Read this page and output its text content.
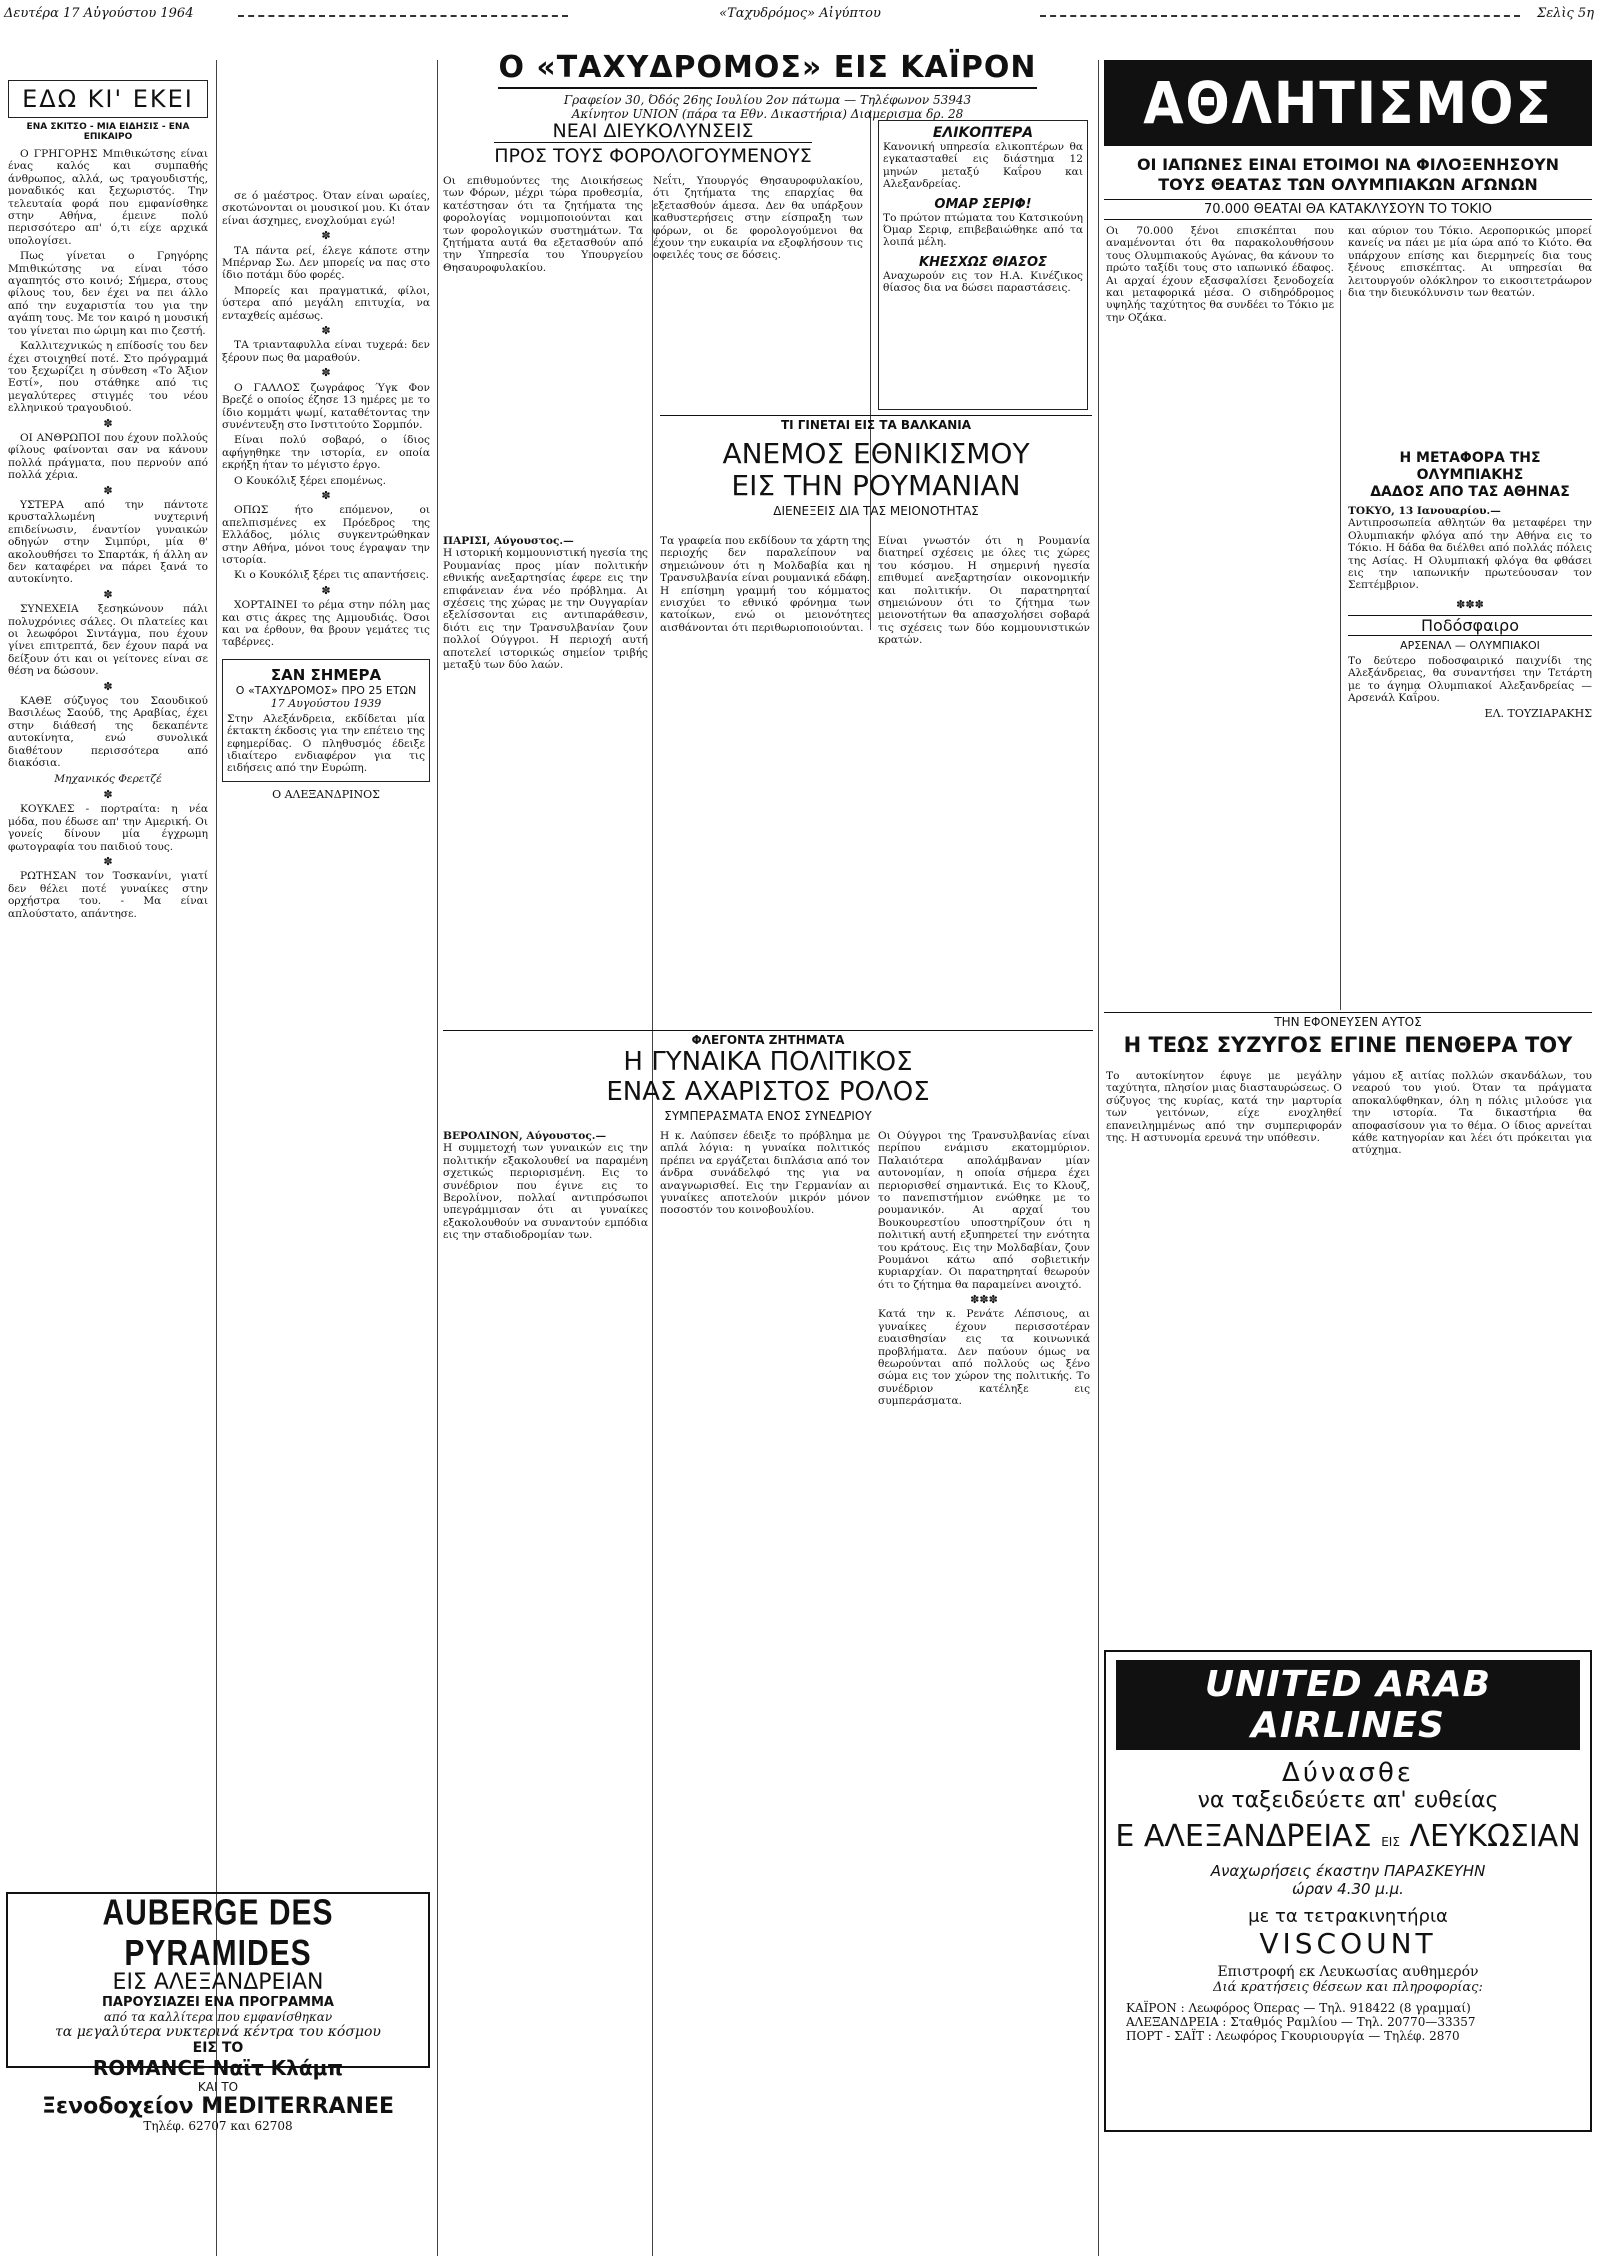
Δευτέρα 17 Αὐγούστου 1964	«Ταχυδρόμος» Αἰγύπτου	Σελὶς 5η
ΕΔΩ ΚΙ' ΕΚΕΙ
ΕΝΑ ΣΚΙΤΣΟ - ΜΙΑ ΕΙΔΗΣΙΣ - ΕΝΑ ΕΠΙΚΑΙΡΟ

Ο ΓΡΗΓΟΡΗΣ Μπιθικώτσης είναι ένας καλός και συμπαθής άνθρωπος, αλλά, ως τραγουδιστής, μοναδικός και ξεχωριστός. Την τελευταία φορά που εμφανίσθηκε στην Αθήνα, έμεινε πολύ περισσότερο απ' ό,τι είχε αρχικά υπολογίσει.

Πως γίνεται ο Γρηγόρης Μπιθικώτσης να είναι τόσο αγαπητός στο κοινό; Σήμερα, στους φίλους του, δεν έχει να πει άλλο από την ευχαριστία του για την αγάπη τους. Με τον καιρό η μουσική του γίνεται πιο ώριμη και πιο ζεστή.

Καλλιτεχνικώς η επίδοσίς του δεν έχει στοιχηθεί ποτέ. Στο πρόγραμμά του ξεχωρίζει η σύνθεση «Το Άξιον Εστί», που στάθηκε από τις μεγαλύτερες στιγμές του νέου ελληνικού τραγουδιού.

✽

ΟΙ ΑΝΘΡΩΠΟΙ που έχουν πολλούς φίλους φαίνονται σαν να κάνουν πολλά πράγματα, που περνούν από πολλά χέρια.

✽

ΥΣΤΕΡΑ από την πάντοτε κρυσταλλωμένη νυχτερινή επιδείνωσιν, έναντίον γυναικών οδηγών στην Σιμπύρι, μία θ' ακολουθήσει το Σπαρτάκ, ή άλλη αν δεν καταφέρει να πάρει ξανά το αυτοκίνητο.

✽

ΣΥΝΕΧΕΙΑ ξεσηκώνουν πάλι πολυχρόνιες σάλες. Οι πλατείες και οι λεωφόροι Σιντάγμα, που έχουν γίνει επιτρεπτά, δεν έχουν παρά να δείξουν ότι και οι γείτονες είναι σε θέση να δώσουν.

✽

ΚΑΘΕ σύζυγος του Σαουδικού Βασιλέως Σαούδ, της Αραβίας, έχει στην διάθεσή της δεκαπέντε αυτοκίνητα, ενώ συνολικά διαθέτουν περισσότερα από διακόσια.

Μηχανικός Φερετζέ
✽

ΚΟΥΚΛΕΣ - πορτραίτα: η νέα μόδα, που έδωσε απ' την Αμερική. Οι γονείς δίνουν μία έγχρωμη φωτογραφία του παιδιού τους.

✽

ΡΩΤΗΣΑΝ τον Τοσκανίνι, γιατί δεν θέλει ποτέ γυναίκες στην ορχήστρα του. - Μα είναι απλούστατο, απάντησε.

AUBERGE DES PYRAMIDES
ΕΙΣ ΑΛΕΞΑΝΔΡΕΙΑΝ
ΠΑΡΟΥΣΙΑΖΕΙ ΕΝΑ ΠΡΟΓΡΑΜΜΑ
από τα καλλίτερα που εμφανίσθηκαν
τα μεγαλύτερα νυκτερινά κέντρα του κόσμου
ΕΙΣ ΤΟ
ROMANCE Ναϊτ Κλάμπ
ΚΑΙ ΤΟ
Ξενοδοχείον MEDITERRANEE
Τηλέφ. 62707 και 62708

σε ό μαέστρος. Όταν είναι ωραίες, σκοτώνονται οι μουσικοί μου. Κι όταν είναι άσχημες, ενοχλούμαι εγώ!

✽

ΤΑ πάντα ρεί, έλεγε κάποτε στην Μπέρναρ Σω. Δεν μπορείς να πας στο ίδιο ποτάμι δύο φορές.

Μπορείς και πραγματικά, φίλοι, ύστερα από μεγάλη επιτυχία, να ενταχθείς αμέσως.

✽

ΤΑ τριανταφυλλα είναι τυχερά: δεν ξέρουν πως θα μαραθούν.

✽

Ο ΓΑΛΛΟΣ ζωγράφος Ύγκ Φον Βρεζέ ο οποίος έζησε 13 ημέρες με το ίδιο κομμάτι ψωμί, καταθέτοντας την συνέντευξη στο Ινστιτούτο Σορμπόν.

Είναι πολύ σοβαρό, ο ίδιος αφήγηθηκε την ιστορία, εν οποία εκρήξη ήταν το μέγιστο έργο.

Ο Κουκόλιξ ξέρει επομένως.

✽

ΟΠΩΣ ήτο επόμενον, οι απελπισμένες ex Πρόεδρος της Ελλάδος, μόλις συγκεντρώθηκαν στην Αθήνα, μόνοι τους έγραψαν την ιστορία.

Κι ο Κουκόλιξ ξέρει τις απαντήσεις.

✽

ΧΟΡΤΑΙΝΕΙ το ρέμα στην πόλη μας και στις άκρες της Αμμουδιάς. Όσοι και να έρθουν, θα βρουν γεμάτες τις ταβέρνες.

ΣΑΝ ΣΗΜΕΡΑ
Ο «ΤΑΧΥΔΡΟΜΟΣ» ΠΡΟ 25 ΕΤΩΝ
17 Αυγούστου 1939
Στην Αλεξάνδρεια, εκδίδεται μία έκτακτη έκδοσις για την επέτειο της εφημερίδας. Ο πληθυσμός έδειξε ιδιαίτερο ενδιαφέρον για τις ειδήσεις από την Ευρώπη.
Ο ΑΛΕΞΑΝΔΡΙΝΟΣ
Ο «ΤΑΧΥΔΡΟΜΟΣ» ΕΙΣ ΚΑΪΡΟΝ
Γραφείον 30, Όδός 26ης Ιουλίου 2ον πάτωμα — Τηλέφωνον 53943
Ακίνητον UNION (πάρα τα Εθν. Δικαστήρια) Διαμερισμα δρ. 28
ΝΕΑΙ ΔΙΕΥΚΟΛΥΝΣΕΙΣ
ΠΡΟΣ ΤΟΥΣ ΦΟΡΟΛΟΓΟΥΜΕΝΟΥΣ
Οι επιθυμούντες της Διοικήσεως των Φόρων, μέχρι τώρα προθεσμία, κατέστησαν ότι τα ζητήματα της φορολογίας νομιμοποιούνται και των φορολογικών συστημάτων. Τα ζητήματα αυτά θα εξετασθούν από την Υπηρεσία του Υπουργείου Θησαυροφυλακίου.
Νεΐτι, Υπουργός Θησαυροφυλακίου, ότι ζητήματα της επαρχίας θα εξετασθούν άμεσα. Δεν θα υπάρξουν καθυστερήσεις στην είσπραξη των φόρων, οι δε φορολογούμενοι θα έχουν την ευκαιρία να εξοφλήσουν τις οφειλές τους σε δόσεις.
ΕΛΙΚΟΠΤΕΡΑ
Κανονική υπηρεσία ελικοπτέρων θα εγκατασταθεί εις διάστημα 12 μηνών μεταξύ Καΐρου και Αλεξανδρείας.
ΟΜΑΡ ΣΕΡΙΦ!
Το πρώτον πτώματα του Κατσικούνη Όμαρ Σεριφ, επιβεβαιώθηκε από τα λοιπά μέλη.
ΚΗΕΣΧΩΣ ΘΙΑΣΟΣ
Αναχωρούν εις τον Η.Α. Κινέζικος θίασος δια να δώσει παραστάσεις.
ΤΙ ΓΙΝΕΤΑΙ ΕΙΣ ΤΑ ΒΑΛΚΑΝΙΑ
ΑΝΕΜΟΣ ΕΘΝΙΚΙΣΜΟΥ
ΕΙΣ ΤΗΝ ΡΟΥΜΑΝΙΑΝ
ΔΙΕΝΕΞΕΙΣ ΔΙΑ ΤΑΣ ΜΕΙΟΝΟΤΗΤΑΣ
ΠΑΡΙΣΙ, Αύγουστος.—
Η ιστορική κομμουνιστική ηγεσία της Ρουμανίας προς μίαν πολιτικήν εθνικής ανεξαρτησίας έφερε εις την επιφάνειαν ένα νέο πρόβλημα. Αι σχέσεις της χώρας με την Ουγγαρίαν εξελίσσονται εις αντιπαράθεσιν, διότι εις την Τρανσυλβανίαν ζουν πολλοί Ούγγροι. Η περιοχή αυτή αποτελεί ιστορικώς σημείον τριβής μεταξύ των δύο λαών.
Τα γραφεία που εκδίδουν τα χάρτη της περιοχής δεν παραλείπουν να σημειώνουν ότι η Μολδαβία και η Τρανσυλβανία είναι ρουμανικά εδάφη. Η επίσημη γραμμή του κόμματος ενισχύει το εθνικό φρόνημα των κατοίκων, ενώ οι μειονότητες αισθάνονται ότι περιθωριοποιούνται.
Είναι γνωστόν ότι η Ρουμανία διατηρεί σχέσεις με όλες τις χώρες του κόσμου. Η σημερινή ηγεσία επιθυμεί ανεξαρτησίαν οικονομικήν και πολιτικήν. Οι παρατηρηταί σημειώνουν ότι το ζήτημα των μειονοτήτων θα απασχολήσει σοβαρά τις σχέσεις των δύο κομμουνιστικών κρατών.
ΦΛΕΓΟΝΤΑ ΖΗΤΗΜΑΤΑ
Η ΓΥΝΑΙΚΑ ΠΟΛΙΤΙΚΟΣ
ΕΝΑΣ ΑΧΑΡΙΣΤΟΣ ΡΟΛΟΣ
ΣΥΜΠΕΡΑΣΜΑΤΑ ΕΝΟΣ ΣΥΝΕΔΡΙΟΥ
ΒΕΡΟΛΙΝΟΝ, Αύγουστος.—
Η συμμετοχή των γυναικών εις την πολιτικήν εξακολουθεί να παραμένη σχετικώς περιορισμένη. Εις το συνέδριον που έγινε εις το Βερολίνον, πολλαί αντιπρόσωποι υπεγράμμισαν ότι αι γυναίκες εξακολουθούν να συναντούν εμπόδια εις την σταδιοδρομίαν των.
Η κ. Λαύπσεν έδειξε το πρόβλημα με απλά λόγια: η γυναίκα πολιτικός πρέπει να εργάζεται διπλάσια από τον άνδρα συνάδελφό της για να αναγνωρισθεί. Εις την Γερμανίαν αι γυναίκες αποτελούν μικρόν μόνον ποσοστόν του κοινοβουλίου.
Οι Ούγγροι της Τρανσυλβανίας είναι περίπου ενάμισυ εκατομμύριον. Παλαιότερα απολάμβαναν μίαν αυτονομίαν, η οποία σήμερα έχει περιορισθεί σημαντικά. Εις το Κλουζ, το πανεπιστήμιον ενώθηκε με το ρουμανικόν. Αι αρχαί του Βουκουρεστίου υποστηρίζουν ότι η πολιτική αυτή εξυπηρετεί την ενότητα του κράτους. Εις την Μολδαβίαν, ζουν Ρουμάνοι κάτω από σοβιετικήν κυριαρχίαν. Οι παρατηρηταί θεωρούν ότι το ζήτημα θα παραμείνει ανοιχτό.
✽✽✽
Κατά την κ. Ρενάτε Λέπσιους, αι γυναίκες έχουν περισσοτέραν ευαισθησίαν εις τα κοινωνικά προβλήματα. Δεν παύουν όμως να θεωρούνται από πολλούς ως ξένο σώμα εις τον χώρον της πολιτικής. Το συνέδριον κατέληξε εις συμπεράσματα.
ΑΘΛΗΤΙΣΜΟΣ
ΟΙ ΙΑΠΩΝΕΣ ΕΙΝΑΙ ΕΤΟΙΜΟΙ ΝΑ ΦΙΛΟΞΕΝΗΣΟΥΝ
ΤΟΥΣ ΘΕΑΤΑΣ ΤΩΝ ΟΛΥΜΠΙΑΚΩΝ ΑΓΩΝΩΝ
70.000 ΘΕΑΤΑΙ ΘΑ ΚΑΤΑΚΛΥΣΟΥΝ ΤΟ ΤΟΚΙΟ
Οι 70.000 ξένοι επισκέπται που αναμένονται ότι θα παρακολουθήσουν τους Ολυμπιακούς Αγώνας, θα κάνουν το πρώτο ταξίδι τους στο ιαπωνικό έδαφος. Αι αρχαί έχουν εξασφαλίσει ξενοδοχεία και μεταφορικά μέσα. Ο σιδηρόδρομος υψηλής ταχύτητος θα συνδέει το Τόκιο με την Οζάκα.
και αύριον του Τόκιο. Αεροπορικώς μπορεί κανείς να πάει με μία ώρα από το Κιότο. Θα υπάρχουν επίσης και διερμηνείς δια τους ξένους επισκέπτας. Αι υπηρεσίαι θα λειτουργούν ολόκληρον το εικοσιτετράωρον δια την διευκόλυνσιν των θεατών.
Η ΜΕΤΑΦΟΡΑ ΤΗΣ ΟΛΥΜΠΙΑΚΗΣ
ΔΑΔΟΣ ΑΠΟ ΤΑΣ ΑΘΗΝΑΣ
ΤΟΚΥΟ, 13 Ιανουαρίου.—
Αντιπροσωπεία αθλητών θα μεταφέρει την Ολυμπιακήν φλόγα από την Αθήνα εις το Τόκιο. Η δάδα θα διέλθει από πολλάς πόλεις της Ασίας. Η Ολυμπιακή φλόγα θα φθάσει εις την ιαπωνικήν πρωτεύουσαν τον Σεπτέμβριον.
✽✽✽
Ποδόσφαιρο
ΑΡΣΕΝΑΛ — ΟΛΥΜΠΙΑΚΟΙ
Το δεύτερο ποδοσφαιρικό παιχνίδι της Αλεξάνδρειας, θα συναντήσει την Τετάρτη με το άγημα Ολυμπιακοί Αλεξανδρείας — Αρσενάλ Καΐρου.
ΕΛ. ΤΟΥΖΙΑΡΑΚΗΣ
ΤΗΝ ΕΦΟΝΕΥΣΕΝ ΑΥΤΟΣ
Η ΤΕΩΣ ΣΥΖΥΓΟΣ ΕΓΙΝΕ ΠΕΝΘΕΡΑ ΤΟΥ
Το αυτοκίνητον έφυγε με μεγάλην ταχύτητα, πλησίον μιας διασταυρώσεως. Ο σύζυγος της κυρίας, κατά την μαρτυρία των γειτόνων, είχε ενοχληθεί επανειλημμένως από την συμπεριφοράν της. Η αστυνομία ερευνά την υπόθεσιν.
γάμου εξ αιτίας πολλών σκανδάλων, του νεαρού του γιού. Όταν τα πράγματα αποκαλύφθηκαν, όλη η πόλις μιλούσε για την ιστορία. Τα δικαστήρια θα αποφασίσουν για το θέμα. Ο ίδιος αρνείται κάθε κατηγορίαν και λέει ότι πρόκειται για ατύχημα.
UNITED ARAB AIRLINES
Δύνασθε
να ταξειδεύετε απ' ευθείας
Ε ΑΛΕΞΑΝΔΡΕΙΑΣ ΕΙΣ ΛΕΥΚΩΣΙΑΝ
Αναχωρήσεις έκαστην ΠΑΡΑΣΚΕΥΗΝ
ώραν 4.30 μ.μ.
με τα τετρακινητήρια
VISCOUNT
Επιστροφή εκ Λευκωσίας αυθημερόν
Διά κρατήσεις θέσεων και πληροφορίας:
ΚΑΪΡΟΝ : Λεωφόρος Όπερας — Τηλ. 918422 (8 γραμμαί)
ΑΛΕΞΑΝΔΡΕΙΑ : Σταθμός Ραμλίου — Τηλ. 20770—33357
ΠΟΡΤ - ΣΑΪΤ : Λεωφόρος Γκουριουργία — Τηλέφ. 2870
